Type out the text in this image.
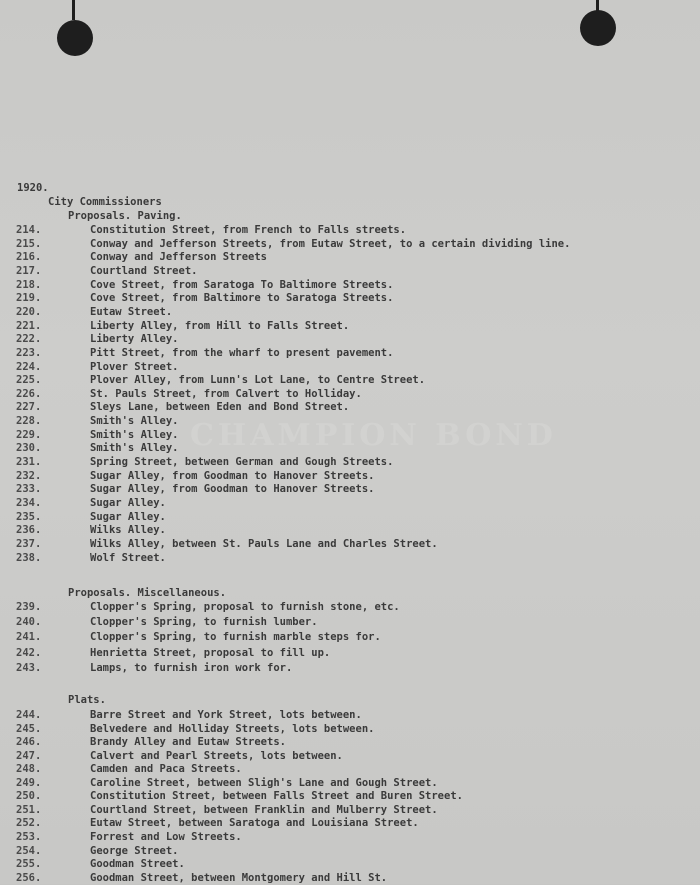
CHAMPION BOND
1920.
City Commissioners
Proposals. Paving.
214.	Constitution Street, from French to Falls streets.
215.	Conway and Jefferson Streets, from Eutaw Street, to a certain dividing line.
216.	Conway and Jefferson Streets
217.	Courtland Street.
218.	Cove Street, from Saratoga To Baltimore Streets.
219.	Cove Street, from Baltimore to Saratoga Streets.
220.	Eutaw Street.
221.	Liberty Alley, from Hill to Falls Street.
222.	Liberty Alley.
223.	Pitt Street, from the wharf to present pavement.
224.	Plover Street.
225.	Plover Alley, from Lunn's Lot Lane, to Centre Street.
226.	St. Pauls Street, from Calvert to Holliday.
227.	Sleys Lane, between Eden and Bond Street.
228.	Smith's Alley.
229.	Smith's Alley.
230.	Smith's Alley.
231.	Spring Street, between German and Gough Streets.
232.	Sugar Alley, from Goodman to Hanover Streets.
233.	Sugar Alley, from Goodman to Hanover Streets.
234.	Sugar Alley.
235.	Sugar Alley.
236.	Wilks Alley.
237.	Wilks Alley, between St. Pauls Lane and Charles Street.
238.	Wolf Street.
Proposals. Miscellaneous.
239.	Clopper's Spring, proposal to furnish stone, etc.
240.	Clopper's Spring, to furnish lumber.
241.	Clopper's Spring, to furnish marble steps for.
242.	Henrietta Street, proposal to fill up.
243.	Lamps, to furnish iron work for.
Plats.
244.	Barre Street and York Street, lots between.
245.	Belvedere and Holliday Streets, lots between.
246.	Brandy Alley and Eutaw Streets.
247.	Calvert and Pearl Streets, lots between.
248.	Camden and Paca Streets.
249.	Caroline Street, between Sligh's Lane and Gough Street.
250.	Constitution Street, between Falls Street and Buren Street.
251.	Courtland Street, between Franklin and Mulberry Street.
252.	Eutaw Street, between Saratoga and Louisiana Street.
253.	Forrest and Low Streets.
254.	George Street.
255.	Goodman Street.
256.	Goodman Street, between Montgomery and Hill St.
